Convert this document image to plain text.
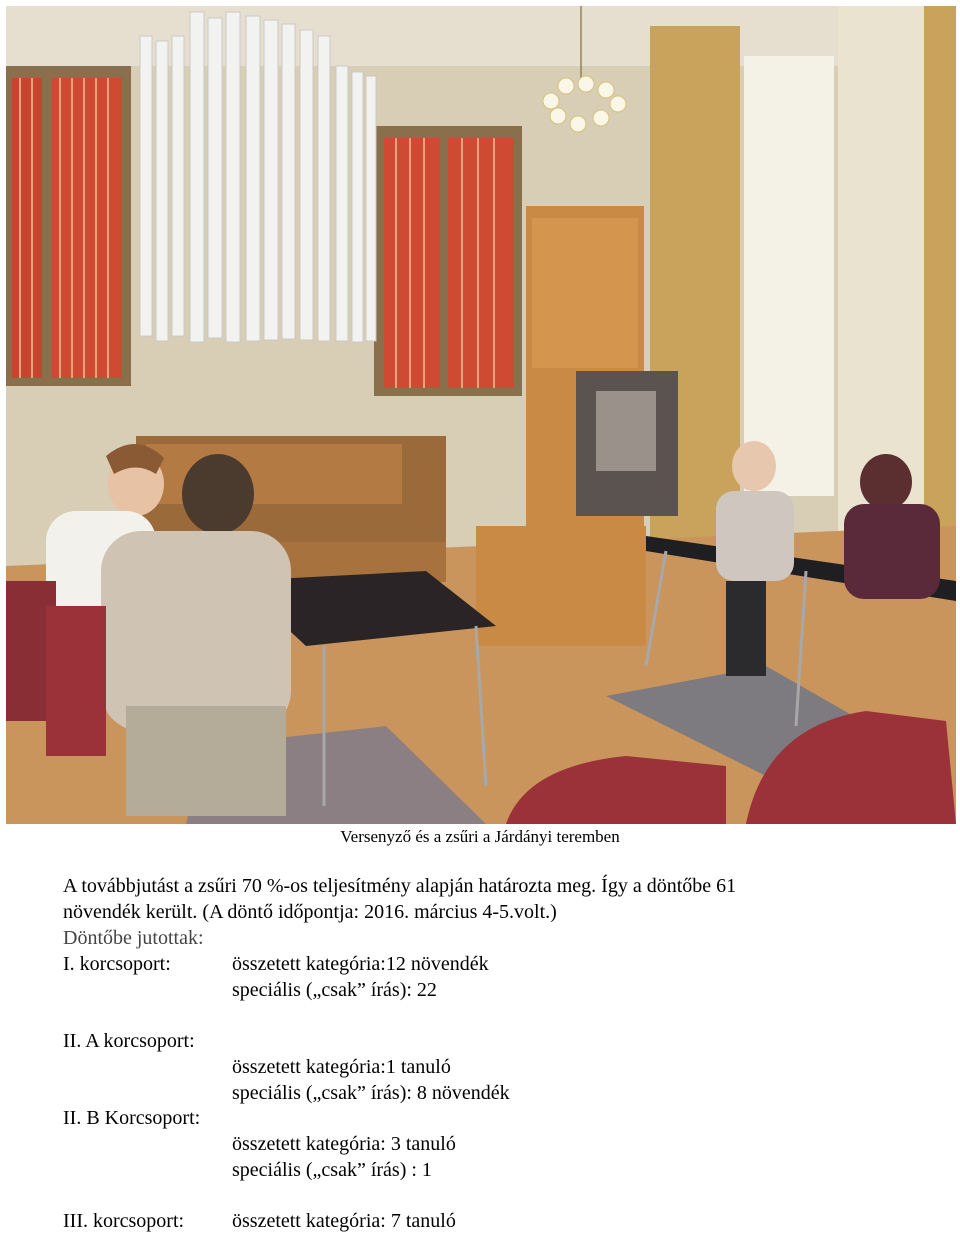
Versenyző és a zsűri a Járdányi teremben
A továbbjutást a zsűri 70 %-os teljesítmény alapján határozta meg. Így a döntőbe 61
növendék került. (A döntő időpontja: 2016. március 4-5.volt.)
Döntőbe jutottak:
I. korcsoport:	összetett kategória:12 növendék
speciális („csak” írás): 22
II. A korcsoport:
összetett kategória:1 tanuló
speciális („csak” írás): 8 növendék
II. B Korcsoport:
összetett kategória: 3 tanuló
speciális („csak” írás) : 1
III. korcsoport: összetett kategória: 7 tanuló
